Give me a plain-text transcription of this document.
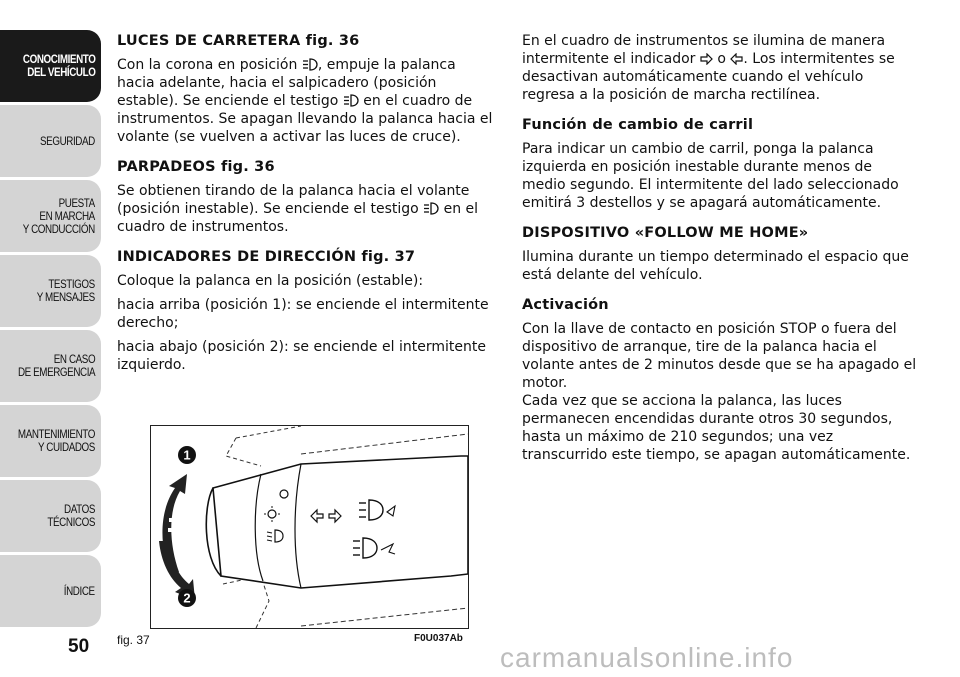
CONOCIMIENTO
DEL VEHÍCULO
SEGURIDAD
PUESTA
EN MARCHA
Y CONDUCCIÓN
TESTIGOS
Y MENSAJES
EN CASO
DE EMERGENCIA
MANTENIMIENTO
Y CUIDADOS
DATOS TÉCNICOS
ÍNDICE
50
LUCES DE CARRETERA fig. 36

Con la corona en posición , empuje la palanca hacia adelante, hacia el salpicadero (posición estable). Se enciende el testigo en el cuadro de instrumentos. Se apagan llevando la palanca hacia el volante (se vuelven a activar las luces de cruce).

PARPADEOS fig. 36

Se obtienen tirando de la palanca hacia el volante (posición inestable). Se enciende el testigo en el cuadro de instrumentos.

INDICADORES DE DIRECCIÓN fig. 37

Coloque la palanca en la posición (estable):

hacia arriba (posición 1): se enciende el intermitente derecho;

hacia abajo (posición 2): se enciende el intermitente izquierdo.

En el cuadro de instrumentos se ilumina de manera intermitente el indicador o . Los intermitentes se desactivan automáticamente cuando el vehículo regresa a la posición de marcha rectilínea.

Función de cambio de carril

Para indicar un cambio de carril, ponga la palanca izquierda en posición inestable durante menos de medio segundo. El intermitente del lado seleccionado emitirá 3 destellos y se apagará automáticamente.

DISPOSITIVO «FOLLOW ME HOME»

Ilumina durante un tiempo determinado el espacio que está delante del vehículo.

Activación

Con la llave de contacto en posición STOP o fuera del dispositivo de arranque, tire de la palanca hacia el volante antes de 2 minutos desde que se ha apagado el motor.

Cada vez que se acciona la palanca, las luces permanecen encendidas durante otros 30 segundos, hasta un máximo de 210 segundos; una vez transcurrido este tiempo, se apagan automáticamente.

1
2
fig. 37	F0U037Ab
carmanualsonline.info
